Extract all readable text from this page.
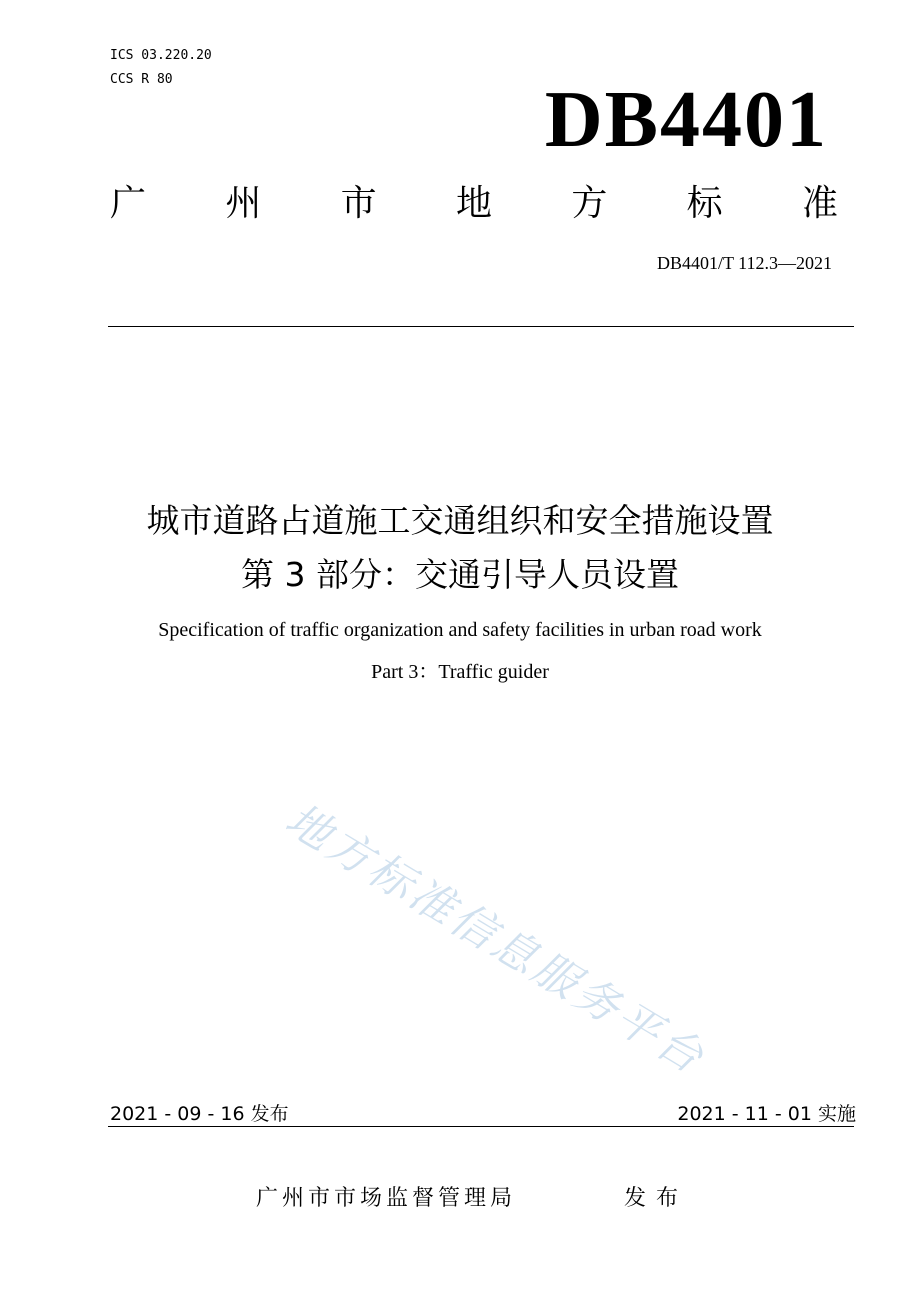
ICS 03.220.20
CCS R 80	DB4401
广 州 市 地 方 标 准
DB4401/T 112.3—2021
城市道路占道施工交通组织和安全措施设置
第 3 部分：交通引导人员设置
Specification of traffic organization and safety facilities in urban road work
Part 3：Traffic guider
地方标准信息服务平台
2021 - 09 - 16 发布	2021 - 11 - 01 实施
广州市市场监督管理局	发布
